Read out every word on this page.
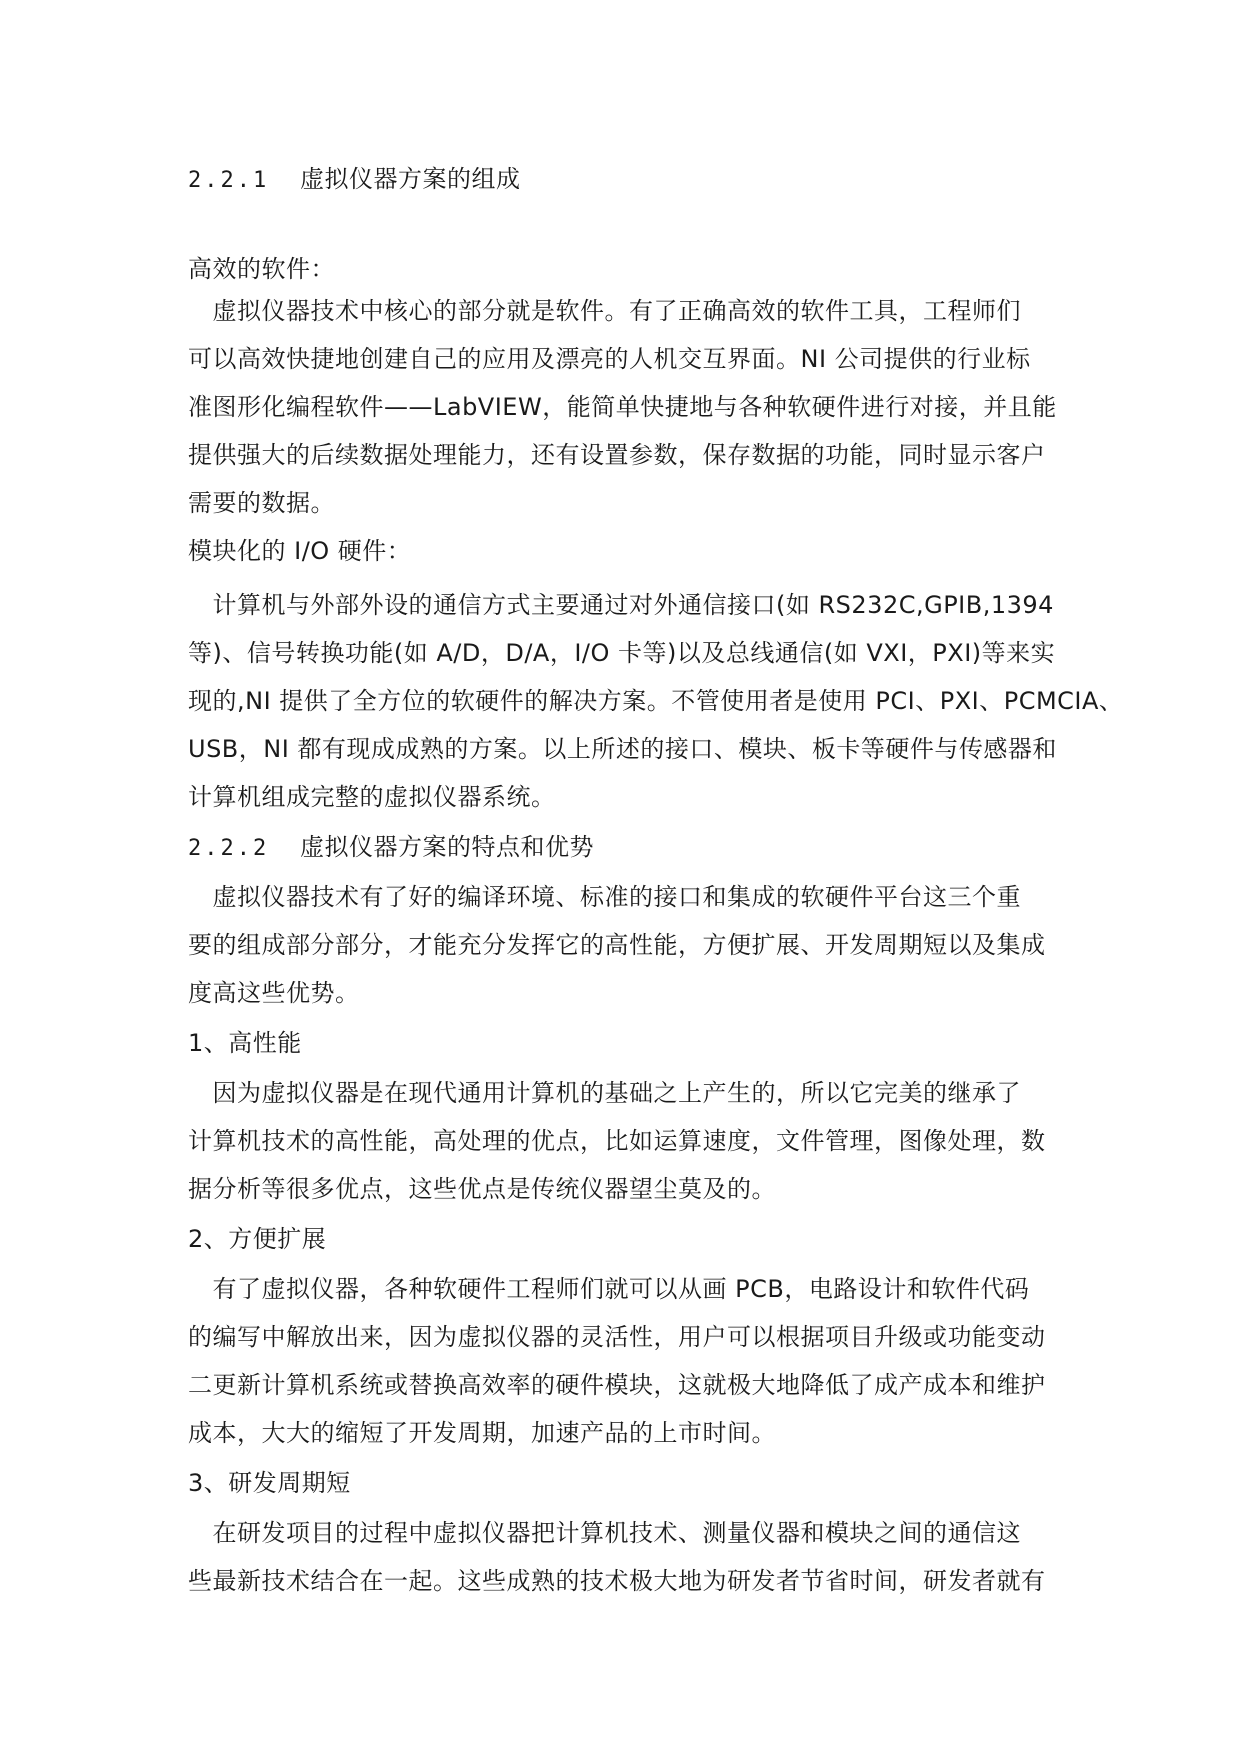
2.2.1 虚拟仪器方案的组成
高效的软件：
　虚拟仪器技术中核心的部分就是软件。有了正确高效的软件工具，工程师们
可以高效快捷地创建自己的应用及漂亮的人机交互界面。NI 公司提供的行业标
准图形化编程软件——LabVIEW，能简单快捷地与各种软硬件进行对接，并且能
提供强大的后续数据处理能力，还有设置参数，保存数据的功能，同时显示客户
需要的数据。
模块化的 I/O 硬件：
　计算机与外部外设的通信方式主要通过对外通信接口(如 RS232C,GPIB,1394
等)、信号转换功能(如 A/D，D/A，I/O 卡等)以及总线通信(如 VXI，PXI)等来实
现的,NI 提供了全方位的软硬件的解决方案。不管使用者是使用 PCI、PXI、PCMCIA、
USB，NI 都有现成成熟的方案。以上所述的接口、模块、板卡等硬件与传感器和
计算机组成完整的虚拟仪器系统。
2.2.2 虚拟仪器方案的特点和优势
　虚拟仪器技术有了好的编译环境、标准的接口和集成的软硬件平台这三个重
要的组成部分部分，才能充分发挥它的高性能，方便扩展、开发周期短以及集成
度高这些优势。
1、高性能
　因为虚拟仪器是在现代通用计算机的基础之上产生的，所以它完美的继承了
计算机技术的高性能，高处理的优点，比如运算速度，文件管理，图像处理，数
据分析等很多优点，这些优点是传统仪器望尘莫及的。
2、方便扩展
　有了虚拟仪器，各种软硬件工程师们就可以从画 PCB，电路设计和软件代码
的编写中解放出来，因为虚拟仪器的灵活性，用户可以根据项目升级或功能变动
二更新计算机系统或替换高效率的硬件模块，这就极大地降低了成产成本和维护
成本，大大的缩短了开发周期，加速产品的上市时间。
3、研发周期短
　在研发项目的过程中虚拟仪器把计算机技术、测量仪器和模块之间的通信这
些最新技术结合在一起。这些成熟的技术极大地为研发者节省时间，研发者就有
